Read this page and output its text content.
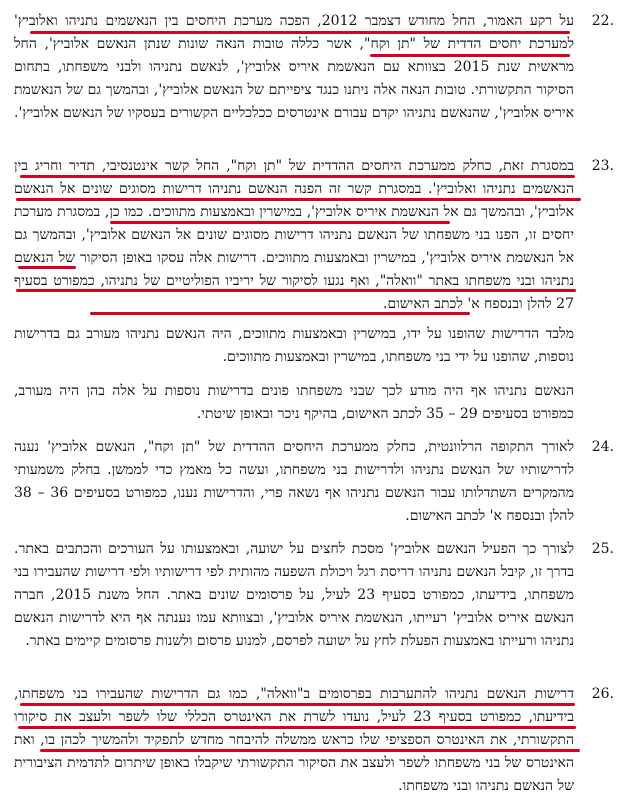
22.
על רקע האמור, החל מחודש דצמבר 2012, הפכה מערכת היחסים בין הנאשמים נתניהו ואלוביץ' למערכת יחסים הדדית של "תן וקח", אשר כללה טובות הנאה שונות שנתן הנאשם אלוביץ', החל מראשית שנת 2015 בצוותא עם הנאשמת איריס אלוביץ', לנאשם נתניהו ולבני משפחתו, בתחום הסיקור התקשורתי. טובות הנאה אלה ניתנו כנגד ציפייתם של הנאשם אלוביץ', ובהמשך גם של הנאשמת איריס אלוביץ', שהנאשם נתניהו יקדם עבורם אינטרסים ככלכליים הקשורים בעסקיו של הנאשם אלוביץ'.
23.
במסגרת זאת, כחלק ממערכת היחסים ההדדית של "תן וקח", החל קשר אינטנסיבי, תדיר וחריג בין הנאשמים נתניהו ואלוביץ'. במסגרת קשר זה הפנה הנאשם נתניהו דרישות מסוגים שונים אל הנאשם אלוביץ', ובהמשך גם אל הנאשמת איריס אלוביץ', במישרין ובאמצעות מתווכים. כמו כן, במסגרת מערכת יחסים זו, הפנו בני משפחתו של הנאשם נתניהו דרישות מסוגים שונים אל הנאשם אלוביץ', ובהמשך גם אל הנאשמת איריס אלוביץ', במישרין ובאמצעות מתווכים. דרישות אלה עסקו באופן הסיקור של הנאשם נתניהו ובני משפחתו באתר "וואלה", ואף נגעו לסיקור של יריביו הפוליטיים של נתניהו, כמפורט בסעיף 27 להלן ובנספח א' לכתב האישום.
מלבד הדרישות שהופנו על ידו, במישרין ובאמצעות מתווכים, היה הנאשם נתניהו מעורב גם בדרישות נוספות, שהופנו על ידי בני משפחתו, במישרין ובאמצעות מתווכים.
הנאשם נתניהו אף היה מודע לכך שבני משפחתו פונים בדרישות נוספות על אלה בהן היה מעורב, כמפורט בסעיפים 29 – 35 לכתב האישום, בהיקף ניכר ובאופן שיטתי.
24.
לאורך התקופה הרלוונטית, כחלק ממערכת היחסים ההדדית של "תן וקח", הנאשם אלוביץ' נענה לדרישותיו של הנאשם נתניהו ולדרישות בני משפחתו, ועשה כל מאמץ כדי לממשן. בחלק משמעותי מהמקרים השתדלותו עבור הנאשם נתניהו אף נשאה פרי, והדרישות נענו, כמפורט בסעיפים 36 – 38 להלן ובנספח א' לכתב האישום.
25.
לצורך כך הפעיל הנאשם אלוביץ' מסכת לחצים על ישועה, ובאמצעותו על העורכים והכתבים באתר. בדרך זו, קיבל הנאשם נתניהו דריסת רגל ויכולת השפעה מהותית לפי דרישותיו ולפי דרישות שהעבירו בני משפחתו, בידיעתו, כמפורט בסעיף 23 לעיל, על פרסומים שונים באתר. החל משנת 2015, חברה הנאשם איריס אלוביץ' רעייתו, הנאשמת איריס אלוביץ', ובצוותא עמו נענתה אף היא לדרישות הנאשם נתניהו ורעייתו באמצעות הפעלת לחץ על ישועה לפרסם, למנוע פרסום ולשנות פרסומים קיימים באתר.
26.
דרישות הנאשם נתניהו להתערבות בפרסומים ב"וואלה", כמו גם הדרישות שהעבירו בני משפחתו, בידיעתו, כמפורט בסעיף 23 לעיל, נועדו לשרת את האינטרס הכללי שלו לשפר ולעצב את סיקורו התקשורתי, את האינטרס הספציפי שלו כראש ממשלה להיבחר מחדש לתפקיד ולהמשיך לכהן בו, ואת האינטרס של בני משפחתו לשפר ולעצב את הסיקור התקשורתי שיקבלו באופן שיתרום לתדמית הציבורית של הנאשם נתניהו ובני משפחתו.
